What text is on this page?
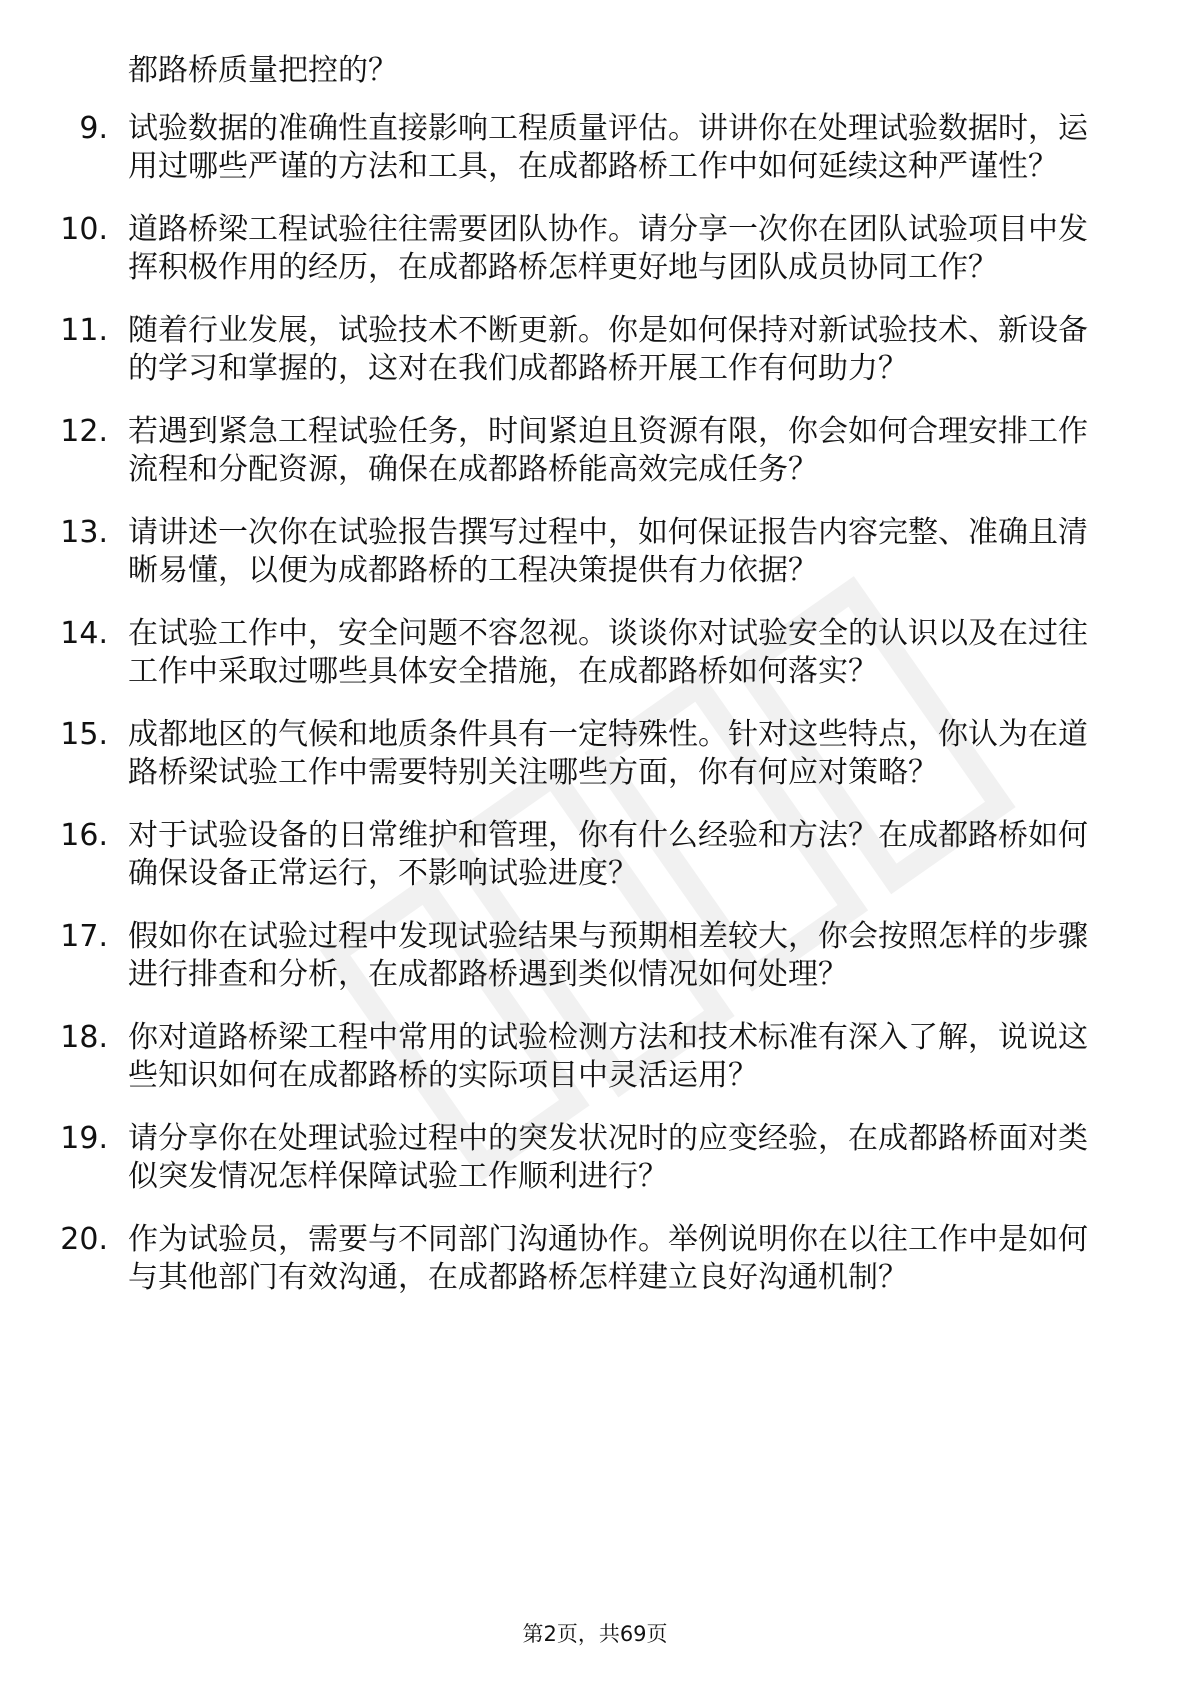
都路桥质量把控的？

9. 试验数据的准确性直接影响工程质量评估。讲讲你在处理试验数据时，运用过哪些严谨的方法和工具，在成都路桥工作中如何延续这种严谨性？
10. 道路桥梁工程试验往往需要团队协作。请分享一次你在团队试验项目中发挥积极作用的经历，在成都路桥怎样更好地与团队成员协同工作？
11. 随着行业发展，试验技术不断更新。你是如何保持对新试验技术、新设备的学习和掌握的，这对在我们成都路桥开展工作有何助力？
12. 若遇到紧急工程试验任务，时间紧迫且资源有限，你会如何合理安排工作流程和分配资源，确保在成都路桥能高效完成任务？
13. 请讲述一次你在试验报告撰写过程中，如何保证报告内容完整、准确且清晰易懂，以便为成都路桥的工程决策提供有力依据？
14. 在试验工作中，安全问题不容忽视。谈谈你对试验安全的认识以及在过往工作中采取过哪些具体安全措施，在成都路桥如何落实？
15. 成都地区的气候和地质条件具有一定特殊性。针对这些特点，你认为在道路桥梁试验工作中需要特别关注哪些方面，你有何应对策略？
16. 对于试验设备的日常维护和管理，你有什么经验和方法？在成都路桥如何确保设备正常运行，不影响试验进度？
17. 假如你在试验过程中发现试验结果与预期相差较大，你会按照怎样的步骤进行排查和分析，在成都路桥遇到类似情况如何处理？
18. 你对道路桥梁工程中常用的试验检测方法和技术标准有深入了解，说说这些知识如何在成都路桥的实际项目中灵活运用？
19. 请分享你在处理试验过程中的突发状况时的应变经验，在成都路桥面对类似突发情况怎样保障试验工作顺利进行？
20. 作为试验员，需要与不同部门沟通协作。举例说明你在以往工作中是如何与其他部门有效沟通，在成都路桥怎样建立良好沟通机制？
第2页，共69页
